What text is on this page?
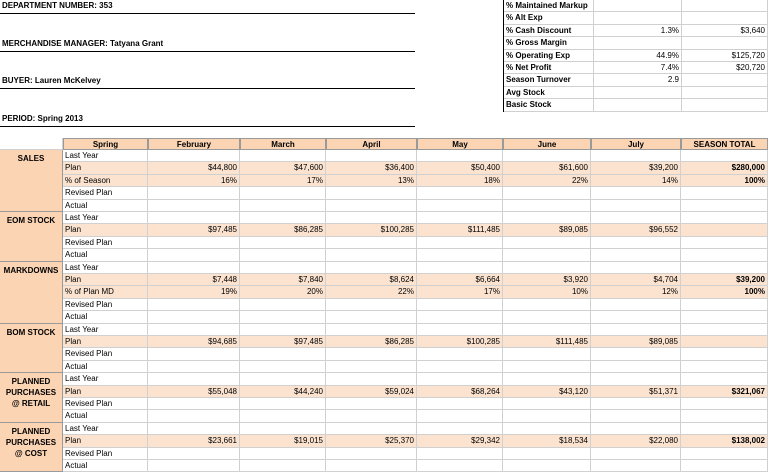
DEPARTMENT NUMBER: 353
MERCHANDISE MANAGER: Tatyana Grant
BUYER: Lauren McKelvey
PERIOD: Spring 2013
% Maintained Markup
% Alt Exp
% Cash Discount	1.3%	$3,640
% Gross Margin
% Operating Exp	44.9%	$125,720
% Net Profit	7.4%	$20,720
Season Turnover	2.9
Avg Stock
Basic Stock
Spring	February	March	April	May	June	July	SEASON TOTAL
SALES	Last Year
Plan	$44,800	$47,600	$36,400	$50,400	$61,600	$39,200	$280,000
% of Season	16%	17%	13%	18%	22%	14%	100%
Revised Plan
Actual
EOM STOCK	Last Year
Plan	$97,485	$86,285	$100,285	$111,485	$89,085	$96,552
Revised Plan
Actual
MARKDOWNS Last Year
Plan	$7,448	$7,840	$8,624	$6,664	$3,920	$4,704	$39,200
% of Plan MD	19%	20%	22%	17%	10%	12%	100%
Revised Plan
Actual
BOM STOCK	Last Year
Plan	$94,685	$97,485	$86,285	$100,285	$111,485	$89,085
Revised Plan
Actual
PLANNED PURCHASES @ RETAIL
Last Year
Plan	$55,048	$44,240	$59,024	$68,264	$43,120	$51,371	$321,067
Revised Plan
Actual
PLANNED PURCHASES @ COST
Last Year
Plan	$23,661	$19,015	$25,370	$29,342	$18,534	$22,080	$138,002
Revised Plan
Actual
